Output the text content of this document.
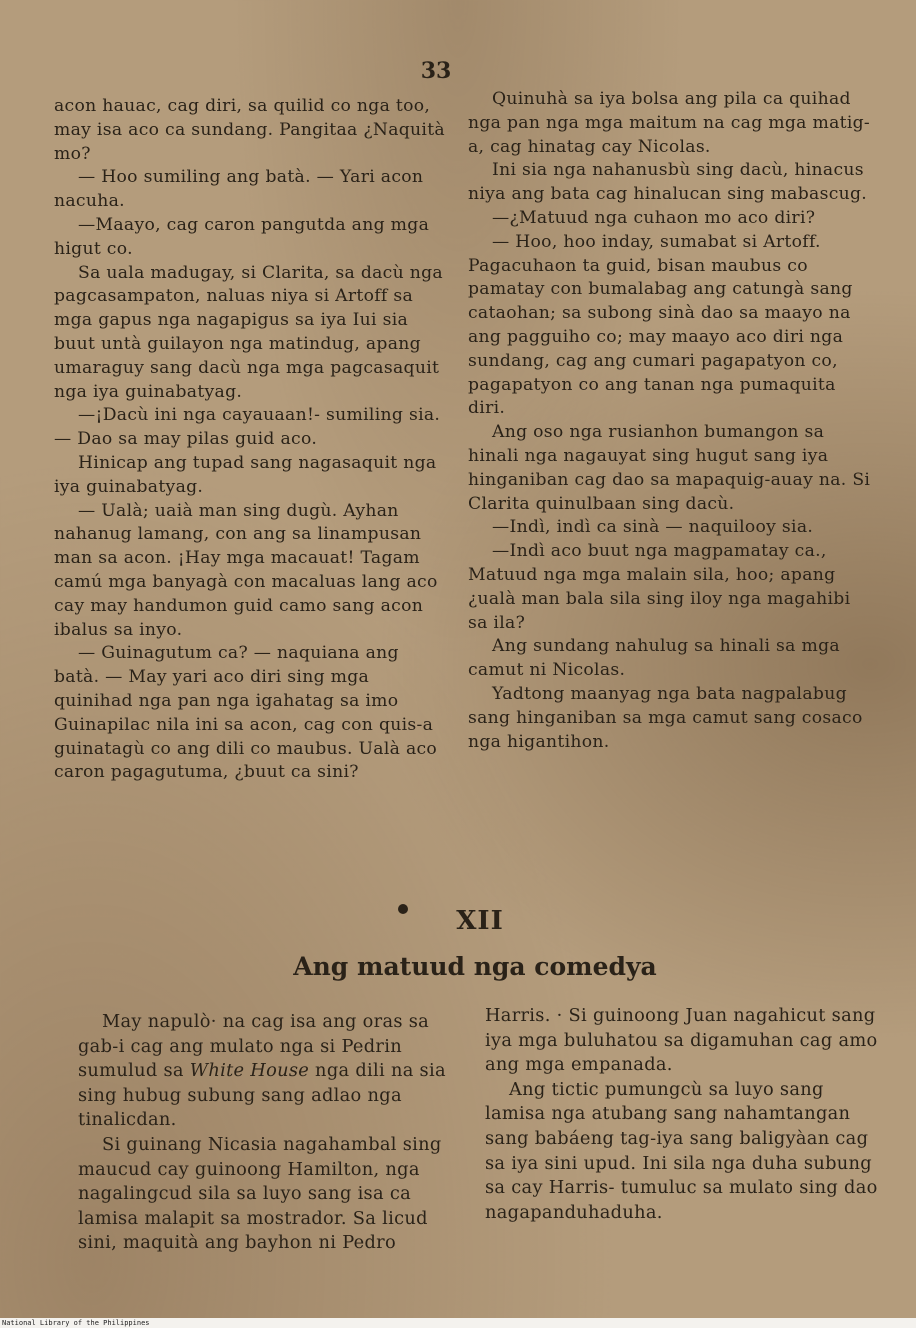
33

acon hauac, cag diri, sa quilid co nga too, may isa aco ca sundang. Pangitaa ¿Naquità mo?

— Hoo sumiling ang batà. — Yari acon nacuha.

—Maayo, cag caron pangutda ang mga higut co.

Sa uala madugay, si Clarita, sa dacù nga pagcasampaton, naluas niya si Artoff sa mga gapus nga nagapigus sa iya Iui sia buut untà guilayon nga matindug, apang umaraguy sang dacù nga mga pagcasaquit nga iya guinabatyag.

—¡Dacù ini nga cayauaan!- sumiling sia. — Dao sa may pilas guid aco.

Hinicap ang tupad sang nagasaquit nga iya guinabatyag.

— Ualà; uaià man sing dugù. Ayhan nahanug lamang, con ang sa linampusan man sa acon. ¡Hay mga macauat! Tagam camú mga banyagà con macaluas lang aco cay may handumon guid camo sang acon ibalus sa inyo.

— Guinagutum ca? — naquiana ang batà. — May yari aco diri sing mga quinihad nga pan nga igahatag sa imo Guinapilac nila ini sa acon, cag con quis-a guinatagù co ang dili co maubus. Ualà aco caron pagagutuma, ¿buut ca sini?

Quinuhà sa iya bolsa ang pila ca quihad nga pan nga mga maitum na cag mga matig-a, cag hinatag cay Nicolas.

Ini sia nga nahanusbù sing dacù, hinacus niya ang bata cag hinalucan sing mabascug.

—¿Matuud nga cuhaon mo aco diri?

— Hoo, hoo inday, sumabat si Artoff. Pagacuhaon ta guid, bisan maubus co pamatay con bumalabag ang catungà sang cataohan; sa subong sinà dao sa maayo na ang pagguiho co; may maayo aco diri nga sundang, cag ang cumari pagapatyon co, pagapatyon co ang tanan nga pumaquita diri.

Ang oso nga rusianhon bumangon sa hinali nga nagauyat sing hugut sang iya hinganiban cag dao sa mapaquig-auay na. Si Clarita quinulbaan sing dacù.

—Indì, indì ca sinà — naquilooy sia.

—Indì aco buut nga magpamatay ca., Matuud nga mga malain sila, hoo; apang ¿ualà man bala sila sing iloy nga magahibi sa ila?

Ang sundang nahulug sa hinali sa mga camut ni Nicolas.

Yadtong maanyag nga bata nagpalabug sang hinganiban sa mga camut sang cosaco nga higantihon.

XII
Ang matuud nga comedya

May napulò· na cag isa ang oras sa gab-i cag ang mulato nga si Pedrin sumulud sa White House nga dili na sia sing hubug subung sang adlao nga tinalicdan.

Si guinang Nicasia nagahambal sing maucud cay guinoong Hamilton, nga nagalingcud sila sa luyo sang isa ca lamisa malapit sa mostrador. Sa licud sini, maquità ang bayhon ni Pedro

Harris. · Si guinoong Juan nagahicut sang iya mga buluhatou sa digamuhan cag amo ang mga empanada.

Ang tictic pumungcù sa luyo sang lamisa nga atubang sang nahamtangan sang babáeng tag-iya sang baligyàan cag sa iya sini upud. Ini sila nga duha subung sa cay Harris- tumuluc sa mulato sing dao nagapanduhaduha.

National Library of the Philippines
